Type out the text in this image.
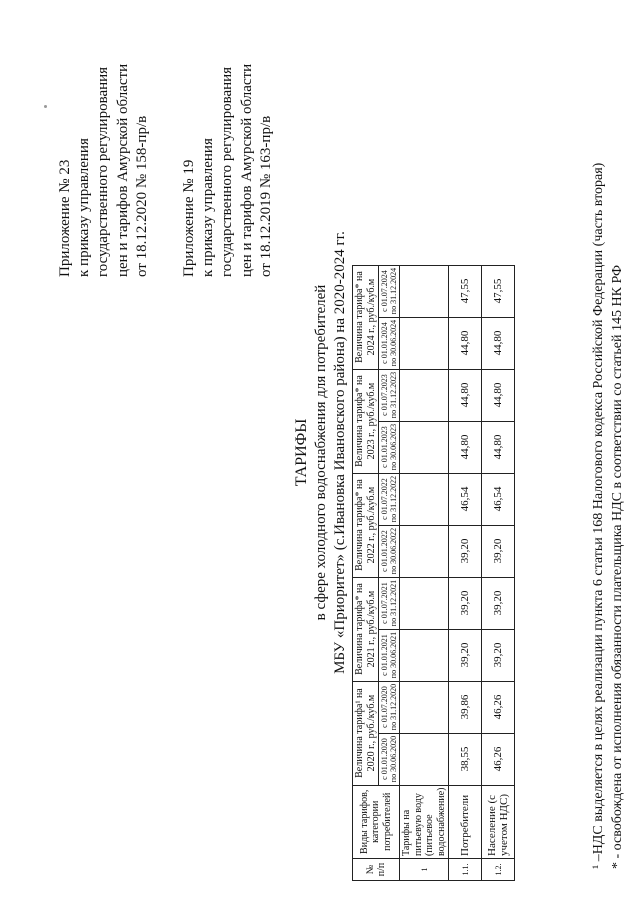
Приложение № 23 к приказу управления государственного регулирования цен и тарифов Амурской области от 18.12.2020 № 158-пр/в Приложение № 19 к приказу управления государственного регулирования цен и тарифов Амурской области от 18.12.2019 № 163-пр/в
ТАРИФЫ в сфере холодного водоснабжения для потребителей МБУ «Приоритет» (с.Ивановка Ивановского района) на 2020-2024 гг.
№ п/п	Виды тарифов, категории потребителей	Величина тарифа¹ на 2020 г., руб./куб.м		Величина тарифа* на 2021 г., руб./куб.м		Величина тарифа* на 2022 г., руб./куб.м		Величина тарифа* на 2023 г., руб./куб.м		Величина тарифа* на 2024 г., руб./куб.м	
		с 01.01.2020 по 30.06.2020	с 01.07.2020 по 31.12.2020	с 01.01.2021 по 30.06.2021	с 01.07.2021 по 31.12.2021	с 01.01.2022 по 30.06.2022	с 01.07.2022 по 31.12.2022	с 01.01.2023 по 30.06.2023	с 01.07.2023 по 31.12.2023	с 01.01.2024 по 30.06.2024	с 01.07.2024 по 31.12.2024
1	Тарифы на питьевую воду (питьевое водоснабжение)										
1.1.	Потребители	38,55	39,86	39,20	39,20	39,20	46,54	44,80	44,80	44,80	47,55
1.2.	Население (с учетом НДС)	46,26	46,26	39,20	39,20	39,20	46,54	44,80	44,80	44,80	47,55	¹ –НДС выделяется в целях реализации пункта 6 статьи 168 Налогового кодекса Российской Федерации (часть вторая) * - освобождена от исполнения обязанности плательщика НДС в соответствии со статьей 145 НК РФ
